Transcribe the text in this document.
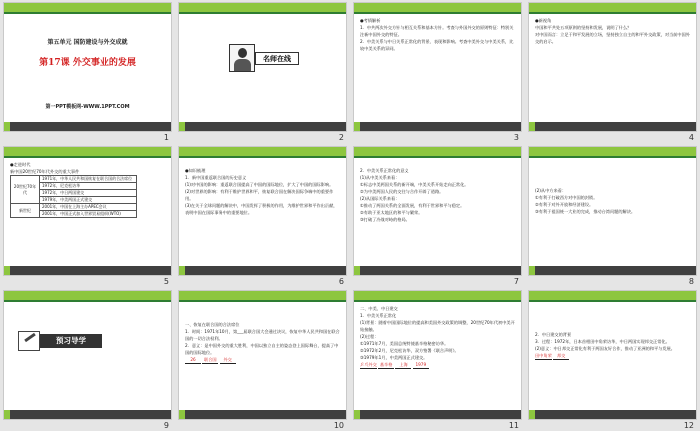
第五单元 国防建设与外交成就
第17课 外交事业的发展
第一PPT模板网-WWW.1PPT.COM
1
名师在线
2

●考情解析

1．中共两次外交方针与相互关系和基本方针。考查与外国外交的原则特征：特别关注新中国外交的特征。

2．中美关系与中日关系正常化的背景、表现和影响。考查中美外交与中美关系，比较中美关系的异同。

3

●新视角

中国和平共处五项原则的坚持和发展，说明了什么？

对中国而言：立足于和平发展的立场，坚持独立自主的和平外交政策，对当前中国外交的启示。

4

●走进时代

新中国20世纪70年代外交的重大事件

20世纪70年代	1971年，中华人民共和国恢复在联合国的合法席位
	1972年，尼克松访华
	1972年，中日两国建交
	1979年，中美两国正式建交
新世纪	2001年，中国在上海主办APEC会议
	2001年，中国正式加入世界贸易组织(WTO)
5

●知识梳理

1．新中国重返联合国的历史意义

(1)对中国的影响：重返联合国提高了中国的国际地位，扩大了中国的国际影响。

(2)对世界的影响：有利于维护世界和平，恢复联合国在解决国际争端中的重要作用。

(3)在关于全球问题的解决中，中国发挥了积极的作用，为维护世界和平作出贡献，表明中国在国际事务中的重要地位。

6

2．中美关系正常化的意义

(1)从中美关系来看：

①标志中美两国关系的新开端，中美关系开始走向正常化。

②为中美两国人民的交往与合作开辟了道路。

(2)从国际关系来看：

①推动了两国关系的全面发展，有利于世界和平与稳定。

②有助于亚太地区的和平与繁荣。

③打破了冷战对峙的格局。

7

(2)从中方来看：

①有利于打破西方对中国的封锁。

②有利于对外开放和经济建设。

③有利于祖国统一大业的完成，推动台湾问题的解决。

8
预习导学
9

一、恢复在联合国的合法席位

1．时间：1971年10月，第___届联合国大会通过决议，恢复中华人民共和国在联合国的一切合法权利。

2．意义：是中国外交的重大胜利，中国以独立自主的姿态登上国际舞台，提高了中国的国际地位。

26 联合国 外交

10

二、中美、中日建交

1．中美关系正常化

(1)背景：随着中国国际地位的提高和美国外交政策的调整，20世纪70年代初中美开始接触。

(2)过程：

①1971年7月，美国总统特使基辛格秘密访华。

②1972年2月，尼克松访华，双方签署《联合声明》。

③1979年1月，中美两国正式建交。

乒乓外交 基辛格 上海 1979

11

2．中日建交的背景

3．过程：1972年，日本首相田中角荣访华，中日两国实现邦交正常化。

(2)意义：中日邦交正常化有利于两国友好合作，推动了亚洲的和平与发展。

田中角荣 邦交

12
